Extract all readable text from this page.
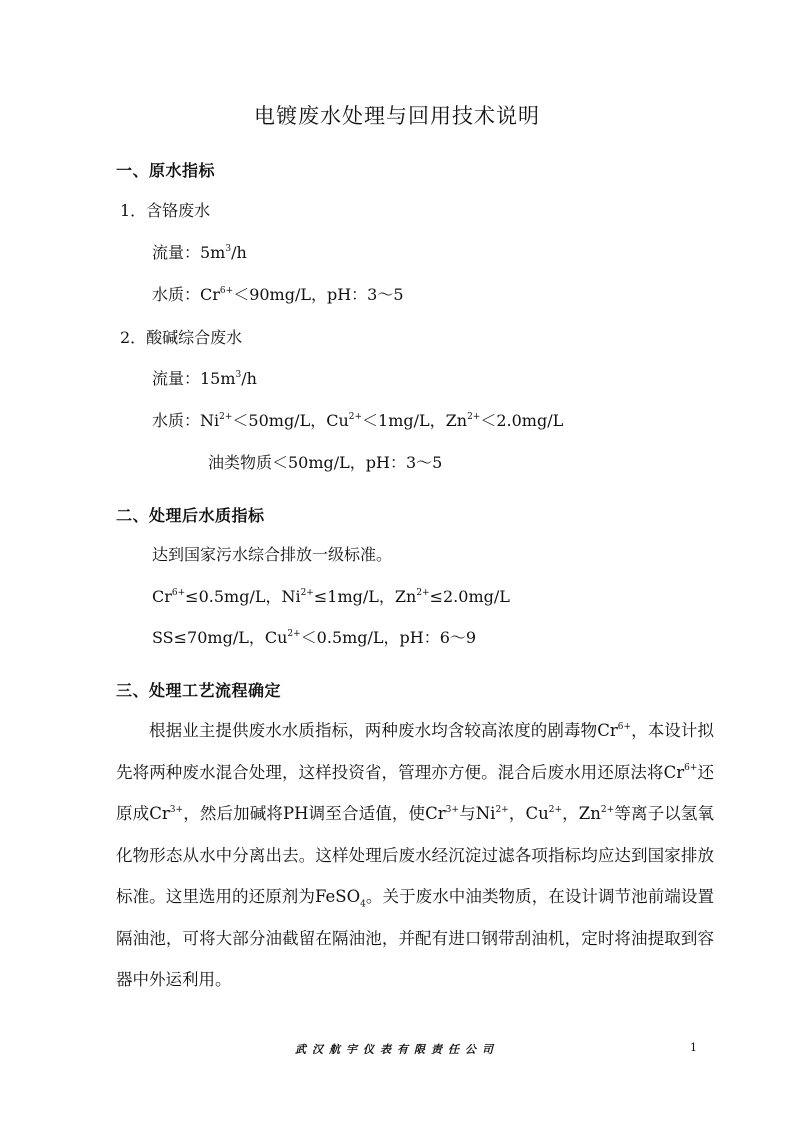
电镀废水处理与回用技术说明
一、原水指标
1．含铬废水
流量：$5m^3/h$
水质：$Cr^{6+}<90mg/L$，pH：3～5
2．酸碱综合废水
流量：$15m^3/h$
水质：$Ni^{2+}<50mg/L$，$Cu^{2+}<1mg/L$，$Zn^{2+}<2.0mg/L$
油类物质＜50mg/L，pH：3～5
二、处理后水质指标
达到国家污水综合排放一级标准。
$Cr^{6+}\le 0.5mg/L$，$Ni^{2+}\le 1mg/L$，$Zn^{2+}\le 2.0mg/L$
SS≤70mg/L，$Cu^{2+}<0.5mg/L$，pH：6～9
三、处理工艺流程确定
根据业主提供废水水质指标，两种废水均含较高浓度的剧毒物$Cr^{6+}$，本设计拟先将两种废水混合处理，这样投资省，管理亦方便。混合后废水用还原法将$Cr^{6+}$还原成$Cr^{3+}$，然后加碱将PH调至合适值，使$Cr^{3+}$与$Ni^{2+}$，$Cu^{2+}$，$Zn^{2+}$等离子以氢氧化物形态从水中分离出去。这样处理后废水经沉淀过滤各项指标均应达到国家排放标准。这里选用的还原剂为FeSO$_4$。关于废水中油类物质，在设计调节池前端设置隔油池，可将大部分油截留在隔油池，并配有进口钢带刮油机，定时将油提取到容器中外运利用。
武汉航宇仪表有限责任公司	1
